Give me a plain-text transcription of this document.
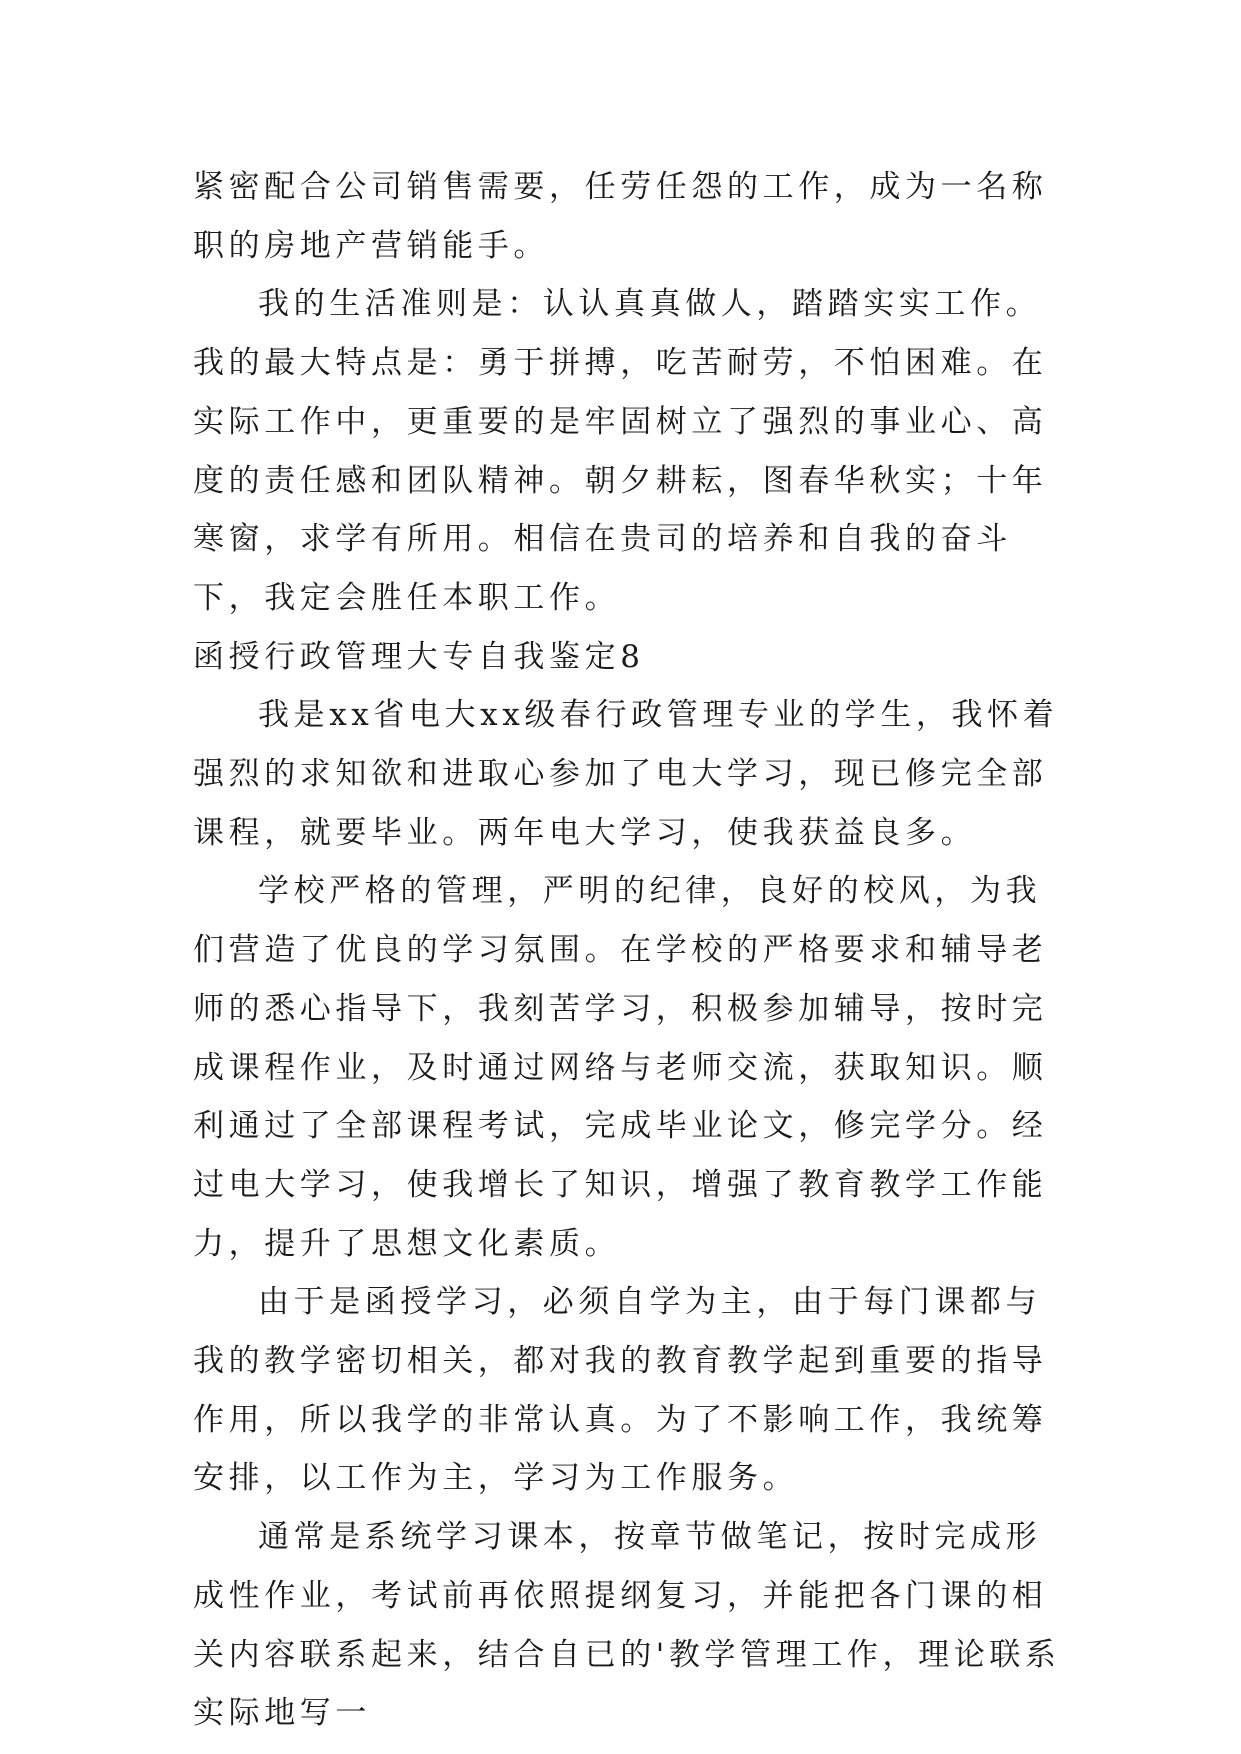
紧密配合公司销售需要，任劳任怨的工作，成为一名称职的房地产营销能手。

我的生活准则是：认认真真做人，踏踏实实工作。我的最大特点是：勇于拼搏，吃苦耐劳，不怕困难。在实际工作中，更重要的是牢固树立了强烈的事业心、高度的责任感和团队精神。朝夕耕耘，图春华秋实；十年寒窗，求学有所用。相信在贵司的培养和自我的奋斗下，我定会胜任本职工作。

函授行政管理大专自我鉴定8

我是xx省电大xx级春行政管理专业的学生，我怀着强烈的求知欲和进取心参加了电大学习，现已修完全部课程，就要毕业。两年电大学习，使我获益良多。

学校严格的管理，严明的纪律，良好的校风，为我们营造了优良的学习氛围。在学校的严格要求和辅导老师的悉心指导下，我刻苦学习，积极参加辅导，按时完成课程作业，及时通过网络与老师交流，获取知识。顺利通过了全部课程考试，完成毕业论文，修完学分。经过电大学习，使我增长了知识，增强了教育教学工作能力，提升了思想文化素质。

由于是函授学习，必须自学为主，由于每门课都与我的教学密切相关，都对我的教育教学起到重要的指导作用，所以我学的非常认真。为了不影响工作，我统筹安排，以工作为主，学习为工作服务。

通常是系统学习课本，按章节做笔记，按时完成形成性作业，考试前再依照提纲复习，并能把各门课的相关内容联系起来，结合自已的'教学管理工作，理论联系实际地写一
